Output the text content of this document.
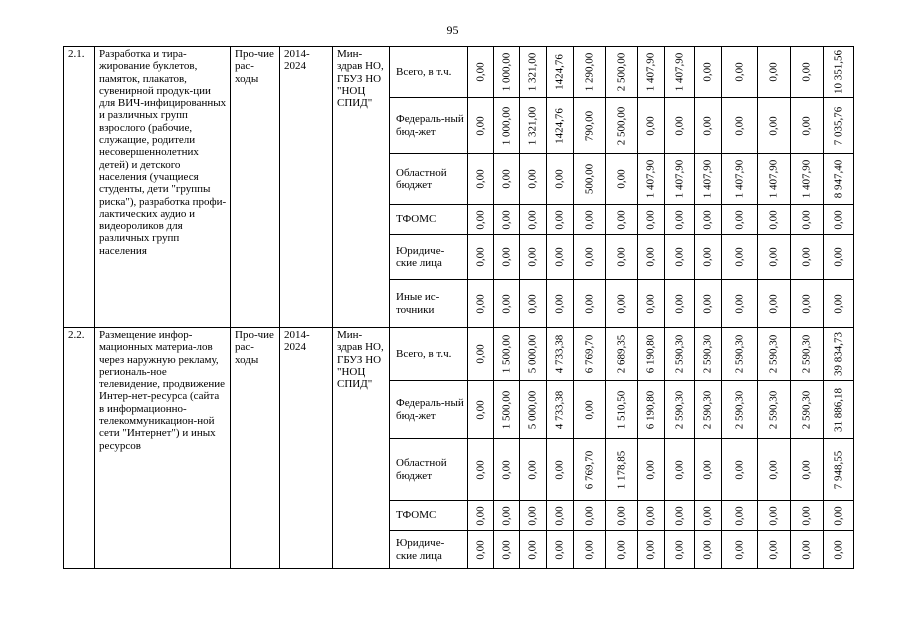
95
2.1.	Разработка и тира-жирование буклетов, памяток, плакатов, сувенирной продук-ции для ВИЧ-инфицированных и различных групп взрослого (рабочие, служащие, родители несовершеннолетних детей) и детского населения (учащиеся студенты, дети "группы риска"), разработка профи-лактических аудио и видеороликов для различных групп населения	Про-чие рас-ходы	2014-2024	Мин-здрав НО, ГБУЗ НО "НОЦ СПИД"	Всего, в т.ч.	0,00	1 000,00	1 321,00	1424,76	1 290,00	2 500,00	1 407,90	1 407,90	0,00	0,00	0,00	0,00	10 351,56

					Федераль-ный бюд-жет	0,00	1 000,00	1 321,00	1424,76	790,00	2 500,00	0,00	0,00	0,00	0,00	0,00	0,00	7 035,76

					Областной бюджет	0,00	0,00	0,00	0,00	500,00	0,00	1 407,90	1 407,90	1 407,90	1 407,90	1 407,90	1 407,90	8 947,40

					ТФОМС	0,00	0,00	0,00	0,00	0,00	0,00	0,00	0,00	0,00	0,00	0,00	0,00	0,00

					Юридиче-ские лица	0,00	0,00	0,00	0,00	0,00	0,00	0,00	0,00	0,00	0,00	0,00	0,00	0,00

					Иные ис-точники	0,00	0,00	0,00	0,00	0,00	0,00	0,00	0,00	0,00	0,00	0,00	0,00	0,00

2.2.	Размещение инфор-мационных материа-лов через наружную рекламу, региональ-ное телевидение, продвижение Интер-нет-ресурса (сайта в информационно-телекоммуникацион-ной сети "Интернет") и иных ресурсов	Про-чие рас-ходы	2014-2024	Мин-здрав НО, ГБУЗ НО "НОЦ СПИД"	Всего, в т.ч.	0,00	1 500,00	5 000,00	4 733,38	6 769,70	2 689,35	6 190,80	2 590,30	2 590,30	2 590,30	2 590,30	2 590,30	39 834,73

					Федераль-ный бюд-жет	0,00	1 500,00	5 000,00	4 733,38	0,00	1 510,50	6 190,80	2 590,30	2 590,30	2 590,30	2 590,30	2 590,30	31 886,18

					Областной бюджет	0,00	0,00	0,00	0,00	6 769,70	1 178,85	0,00	0,00	0,00	0,00	0,00	0,00	7 948,55

					ТФОМС	0,00	0,00	0,00	0,00	0,00	0,00	0,00	0,00	0,00	0,00	0,00	0,00	0,00

					Юридиче-ские лица	0,00	0,00	0,00	0,00	0,00	0,00	0,00	0,00	0,00	0,00	0,00	0,00	0,00
